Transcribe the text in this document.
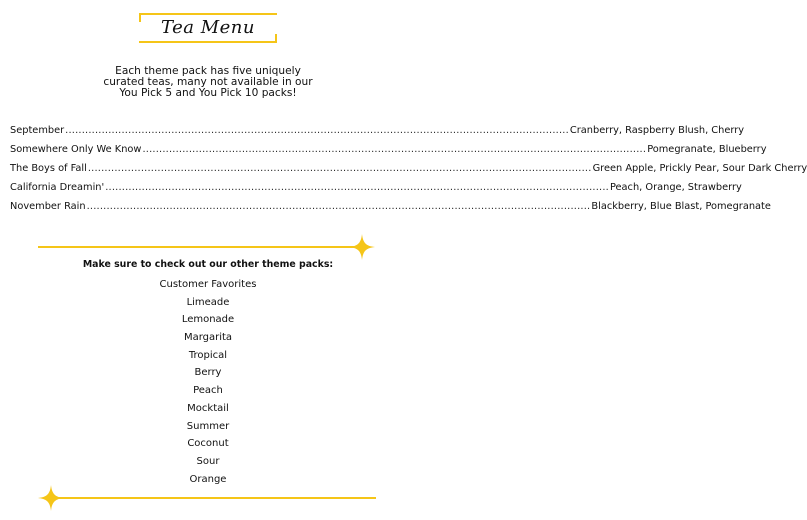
Tea Menu
Each theme pack has five uniquely
curated teas, many not available in our
You Pick 5 and You Pick 10 packs!
September ........................................................................................................................................................ Cranberry, Raspberry Blush, Cherry
Somewhere Only We Know ........................................................................................................................................................ Pomegranate, Blueberry
The Boys of Fall ........................................................................................................................................................ Green Apple, Prickly Pear, Sour Dark Cherry
California Dreamin' ........................................................................................................................................................ Peach, Orange, Strawberry
November Rain ........................................................................................................................................................ Blackberry, Blue Blast, Pomegranate
Make sure to check out our other theme packs:
Customer Favorites
Limeade
Lemonade
Margarita
Tropical
Berry
Peach
Mocktail
Summer
Coconut
Sour
Orange
